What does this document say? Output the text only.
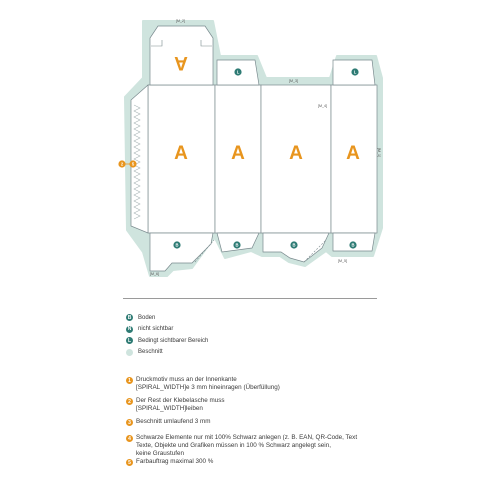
[M_2]
[M_3]
[M_4]
[M_1]
[M_5]
[M_6]
A
A A A A
L	L
B	B	B	B
2 5
B Boden
N nicht sichtbar
L	Bedingt sichtbarer Bereich
Beschnitt
1 Druckmotiv muss an der Innenkante
[SPIRAL_WIDTH]e 3 mm hineinragen (Überfüllung)
2 Der Rest der Klebelasche muss
[SPIRAL_WIDTH]leiben
3 Beschnitt umlaufend 3 mm
4 Schwarze Elemente nur mit 100% Schwarz anlegen (z. B. EAN, QR-Code, Text
Texte, Objekte und Grafiken müssen in 100 % Schwarz angelegt sein,
keine Graustufen
5 Farbauftrag maximal 300 %
